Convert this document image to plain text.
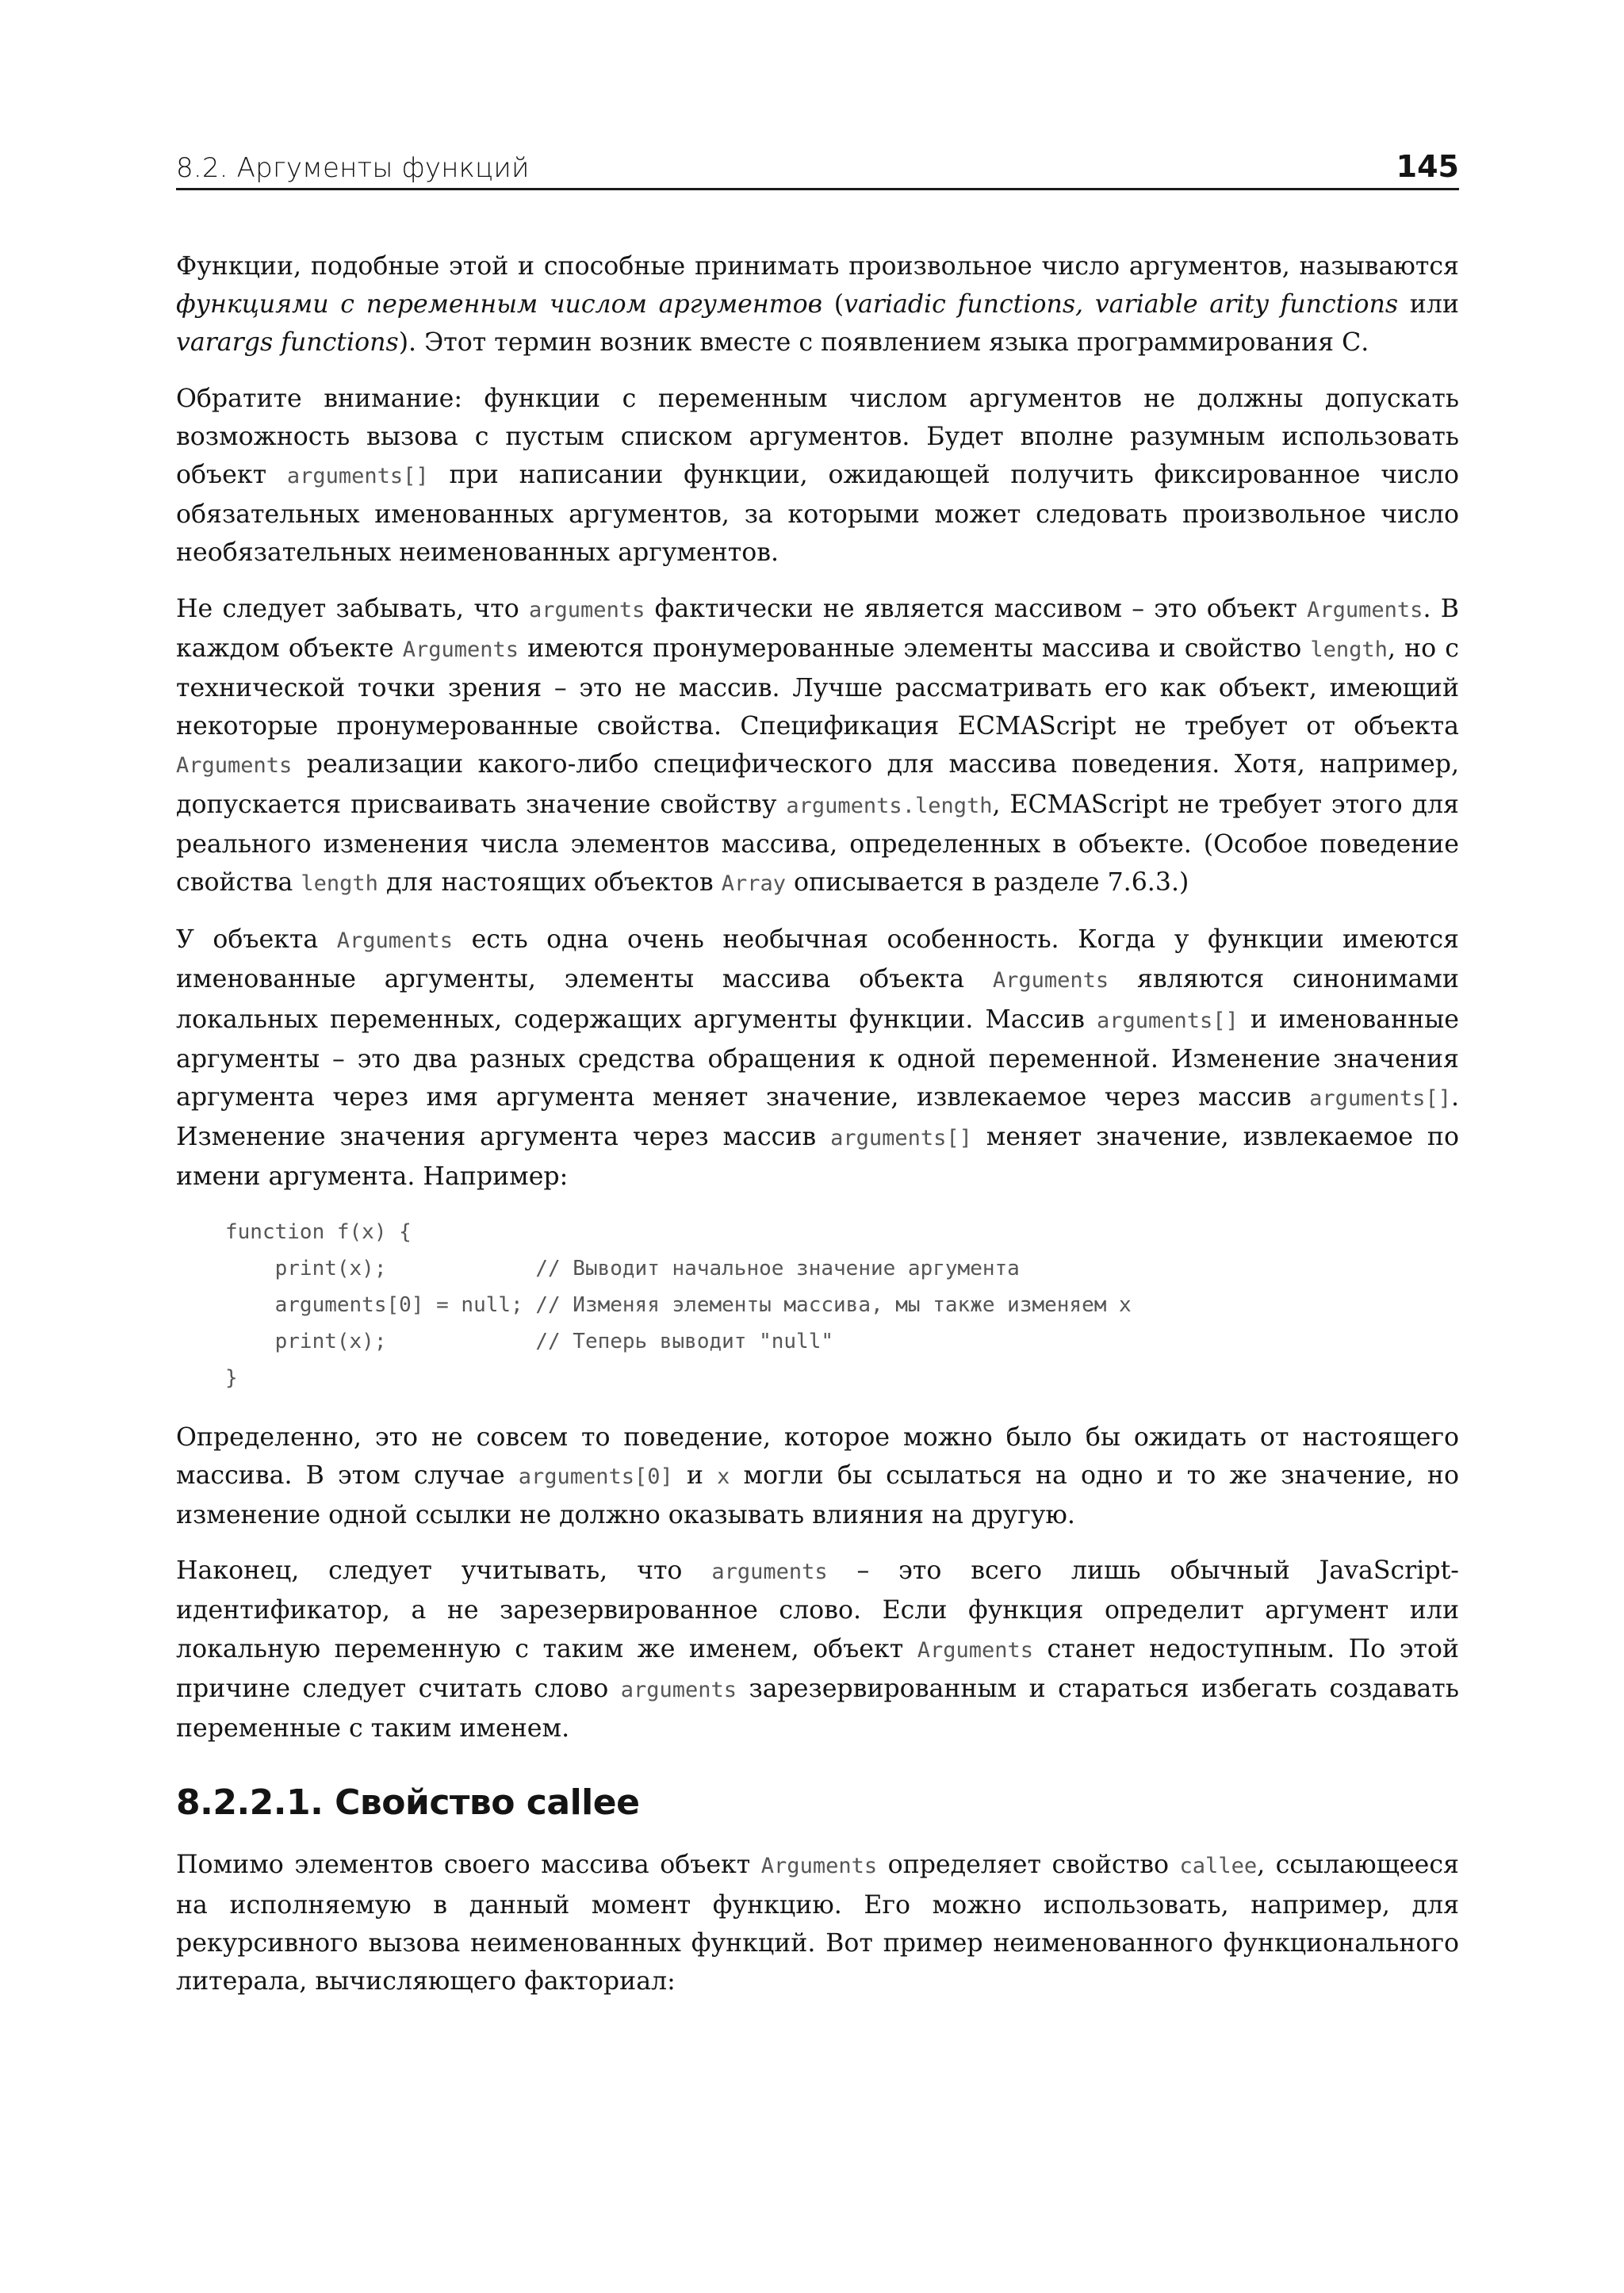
8.2. Аргументы функций	145

Функции, подобные этой и способные принимать произвольное число аргументов, называются функциями с переменным числом аргументов (variadic functions, variable arity functions или varargs functions). Этот термин возник вместе с появлением языка программирования С.

Обратите внимание: функции с переменным числом аргументов не должны допускать возможность вызова с пустым списком аргументов. Будет вполне разумным использовать объект arguments[] при написании функции, ожидающей получить фиксированное число обязательных именованных аргументов, за которыми может следовать произвольное число необязательных неименованных аргументов.

Не следует забывать, что arguments фактически не является массивом – это объект Arguments. В каждом объекте Arguments имеются пронумерованные элементы массива и свойство length, но с технической точки зрения – это не массив. Лучше рассматривать его как объект, имеющий некоторые пронумерованные свойства. Спецификация ECMAScript не требует от объекта Arguments реализации какого-либо специфического для массива поведения. Хотя, например, допускается присваивать значение свойству arguments.length, ECMAScript не требует этого для реального изменения числа элементов массива, определенных в объекте. (Особое поведение свойства length для настоящих объектов Array описывается в разделе 7.6.3.)

У объекта Arguments есть одна очень необычная особенность. Когда у функции имеются именованные аргументы, элементы массива объекта Arguments являются синонимами локальных переменных, содержащих аргументы функции. Массив arguments[] и именованные аргументы – это два разных средства обращения к одной переменной. Изменение значения аргумента через имя аргумента меняет значение, извлекаемое через массив arguments[]. Изменение значения аргумента через массив arguments[] меняет значение, извлекаемое по имени аргумента. Например:

function f(x) {
print(x);            // Выводит начальное значение аргумента
arguments[0] = null; // Изменяя элементы массива, мы также изменяем x
print(x);            // Теперь выводит "null"
}

Определенно, это не совсем то поведение, которое можно было бы ожидать от настоящего массива. В этом случае arguments[0] и x могли бы ссылаться на одно и то же значение, но изменение одной ссылки не должно оказывать влияния на другую.

Наконец, следует учитывать, что arguments – это всего лишь обычный JavaScript-идентификатор, а не зарезервированное слово. Если функция определит аргумент или локальную переменную с таким же именем, объект Arguments станет недоступным. По этой причине следует считать слово arguments зарезервированным и стараться избегать создавать переменные с таким именем.

8.2.2.1. Свойство callee

Помимо элементов своего массива объект Arguments определяет свойство callee, ссылающееся на исполняемую в данный момент функцию. Его можно использовать, например, для рекурсивного вызова неименованных функций. Вот пример неименованного функционального литерала, вычисляющего факториал:
